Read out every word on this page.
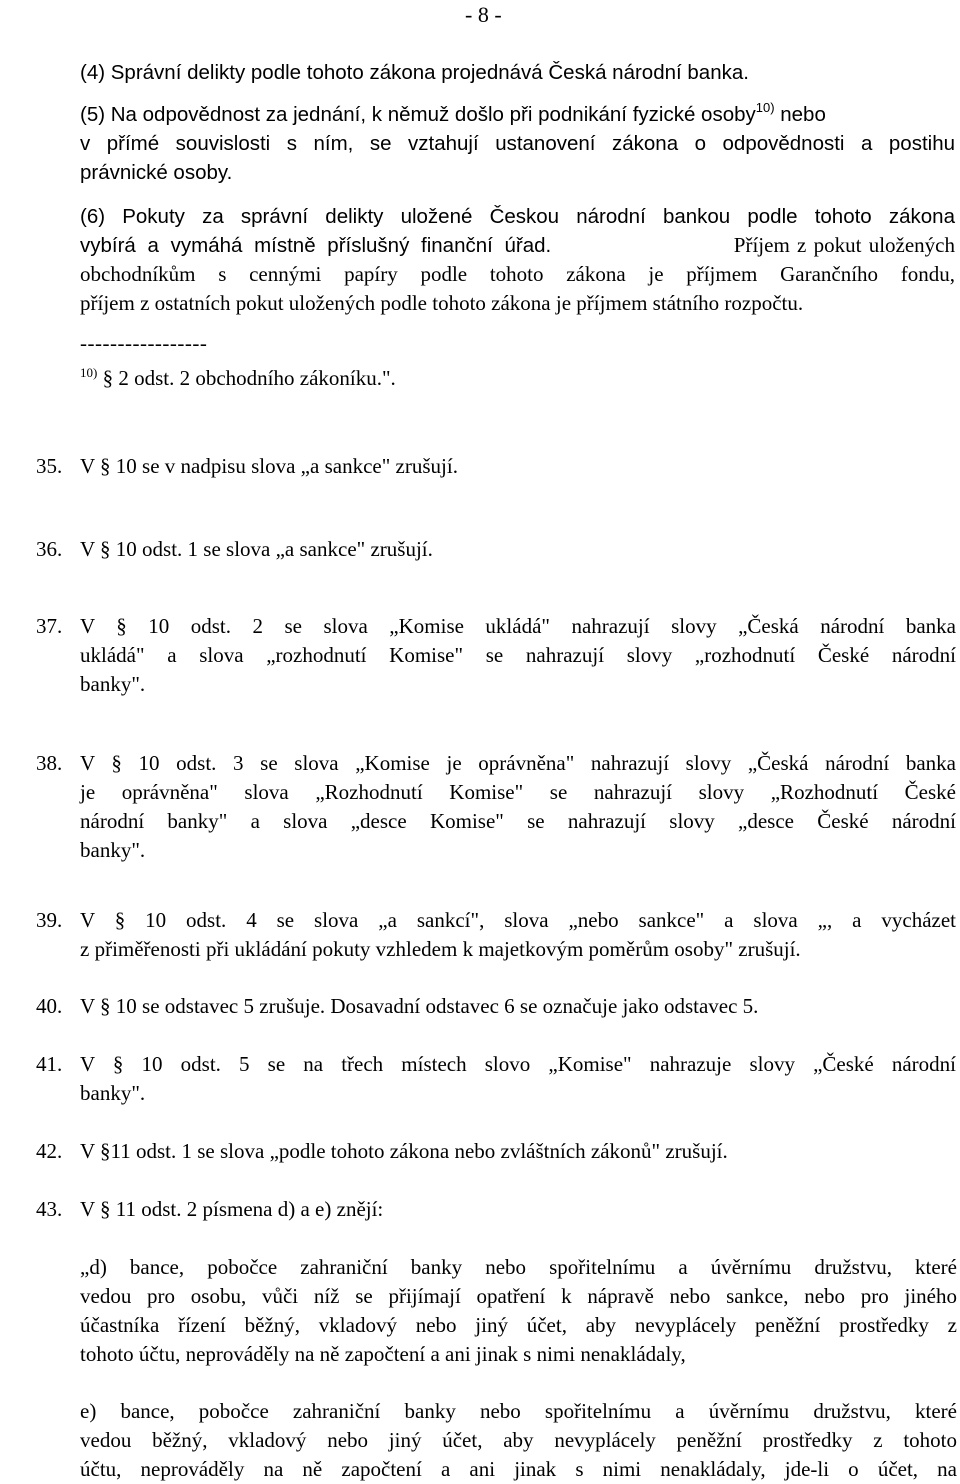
- 8 -
(4) Správní delikty podle tohoto zákona projednává Česká národní banka.
(5) Na odpovědnost za jednání, k němuž došlo při podnikání fyzické osoby$^{10)}$ nebo
v přímé souvislosti s ním, se vztahují ustanovení zákona o odpovědnosti a postihu
právnické osoby.
(6) Pokuty za správní delikty uložené Českou národní bankou podle tohoto zákona
vybírá a vymáhá místně příslušný finanční úřad.	Příjem z pokut uložených
obchodníkům s cennými papíry podle tohoto zákona je příjmem Garančního fondu,
příjem z ostatních pokut uložených podle tohoto zákona je příjmem státního rozpočtu.
-----------------
$^{10)}$ § 2 odst. 2 obchodního zákoníku.".
35. V § 10 se v nadpisu slova „a sankce" zrušují.
36. V § 10 odst. 1 se slova „a sankce" zrušují.
37. V § 10 odst. 2 se slova „Komise ukládá" nahrazují slovy „Česká národní banka
ukládá" a slova „rozhodnutí Komise" se nahrazují slovy „rozhodnutí České národní
banky".
38. V § 10 odst. 3 se slova „Komise je oprávněna" nahrazují slovy „Česká národní banka
je oprávněna" slova „Rozhodnutí Komise" se nahrazují slovy „Rozhodnutí České
národní banky" a slova „desce Komise" se nahrazují slovy „desce České národní
banky".
39. V § 10 odst. 4 se slova „a sankcí", slova „nebo sankce" a slova „, a vycházet
z přiměřenosti při ukládání pokuty vzhledem k majetkovým poměrům osoby" zrušují.
40. V § 10 se odstavec 5 zrušuje. Dosavadní odstavec 6 se označuje jako odstavec 5.
41. V § 10 odst. 5 se na třech místech slovo „Komise" nahrazuje slovy „České národní
banky".
42. V §11 odst. 1 se slova „podle tohoto zákona nebo zvláštních zákonů" zrušují.
43. V § 11 odst. 2 písmena d) a e) znějí:
„d) bance, pobočce zahraniční banky nebo spořitelnímu a úvěrnímu družstvu, které
vedou pro osobu, vůči níž se přijímají opatření k nápravě nebo sankce, nebo pro jiného
účastníka řízení běžný, vkladový nebo jiný účet, aby nevyplácely peněžní prostředky z
tohoto účtu, neprováděly na ně započtení a ani jinak s nimi nenakládaly,
e) bance, pobočce zahraniční banky nebo spořitelnímu a úvěrnímu družstvu, které
vedou běžný, vkladový nebo jiný účet, aby nevyplácely peněžní prostředky z tohoto
účtu, neprováděly na ně započtení a ani jinak s nimi nenakládaly, jde-li o účet, na
